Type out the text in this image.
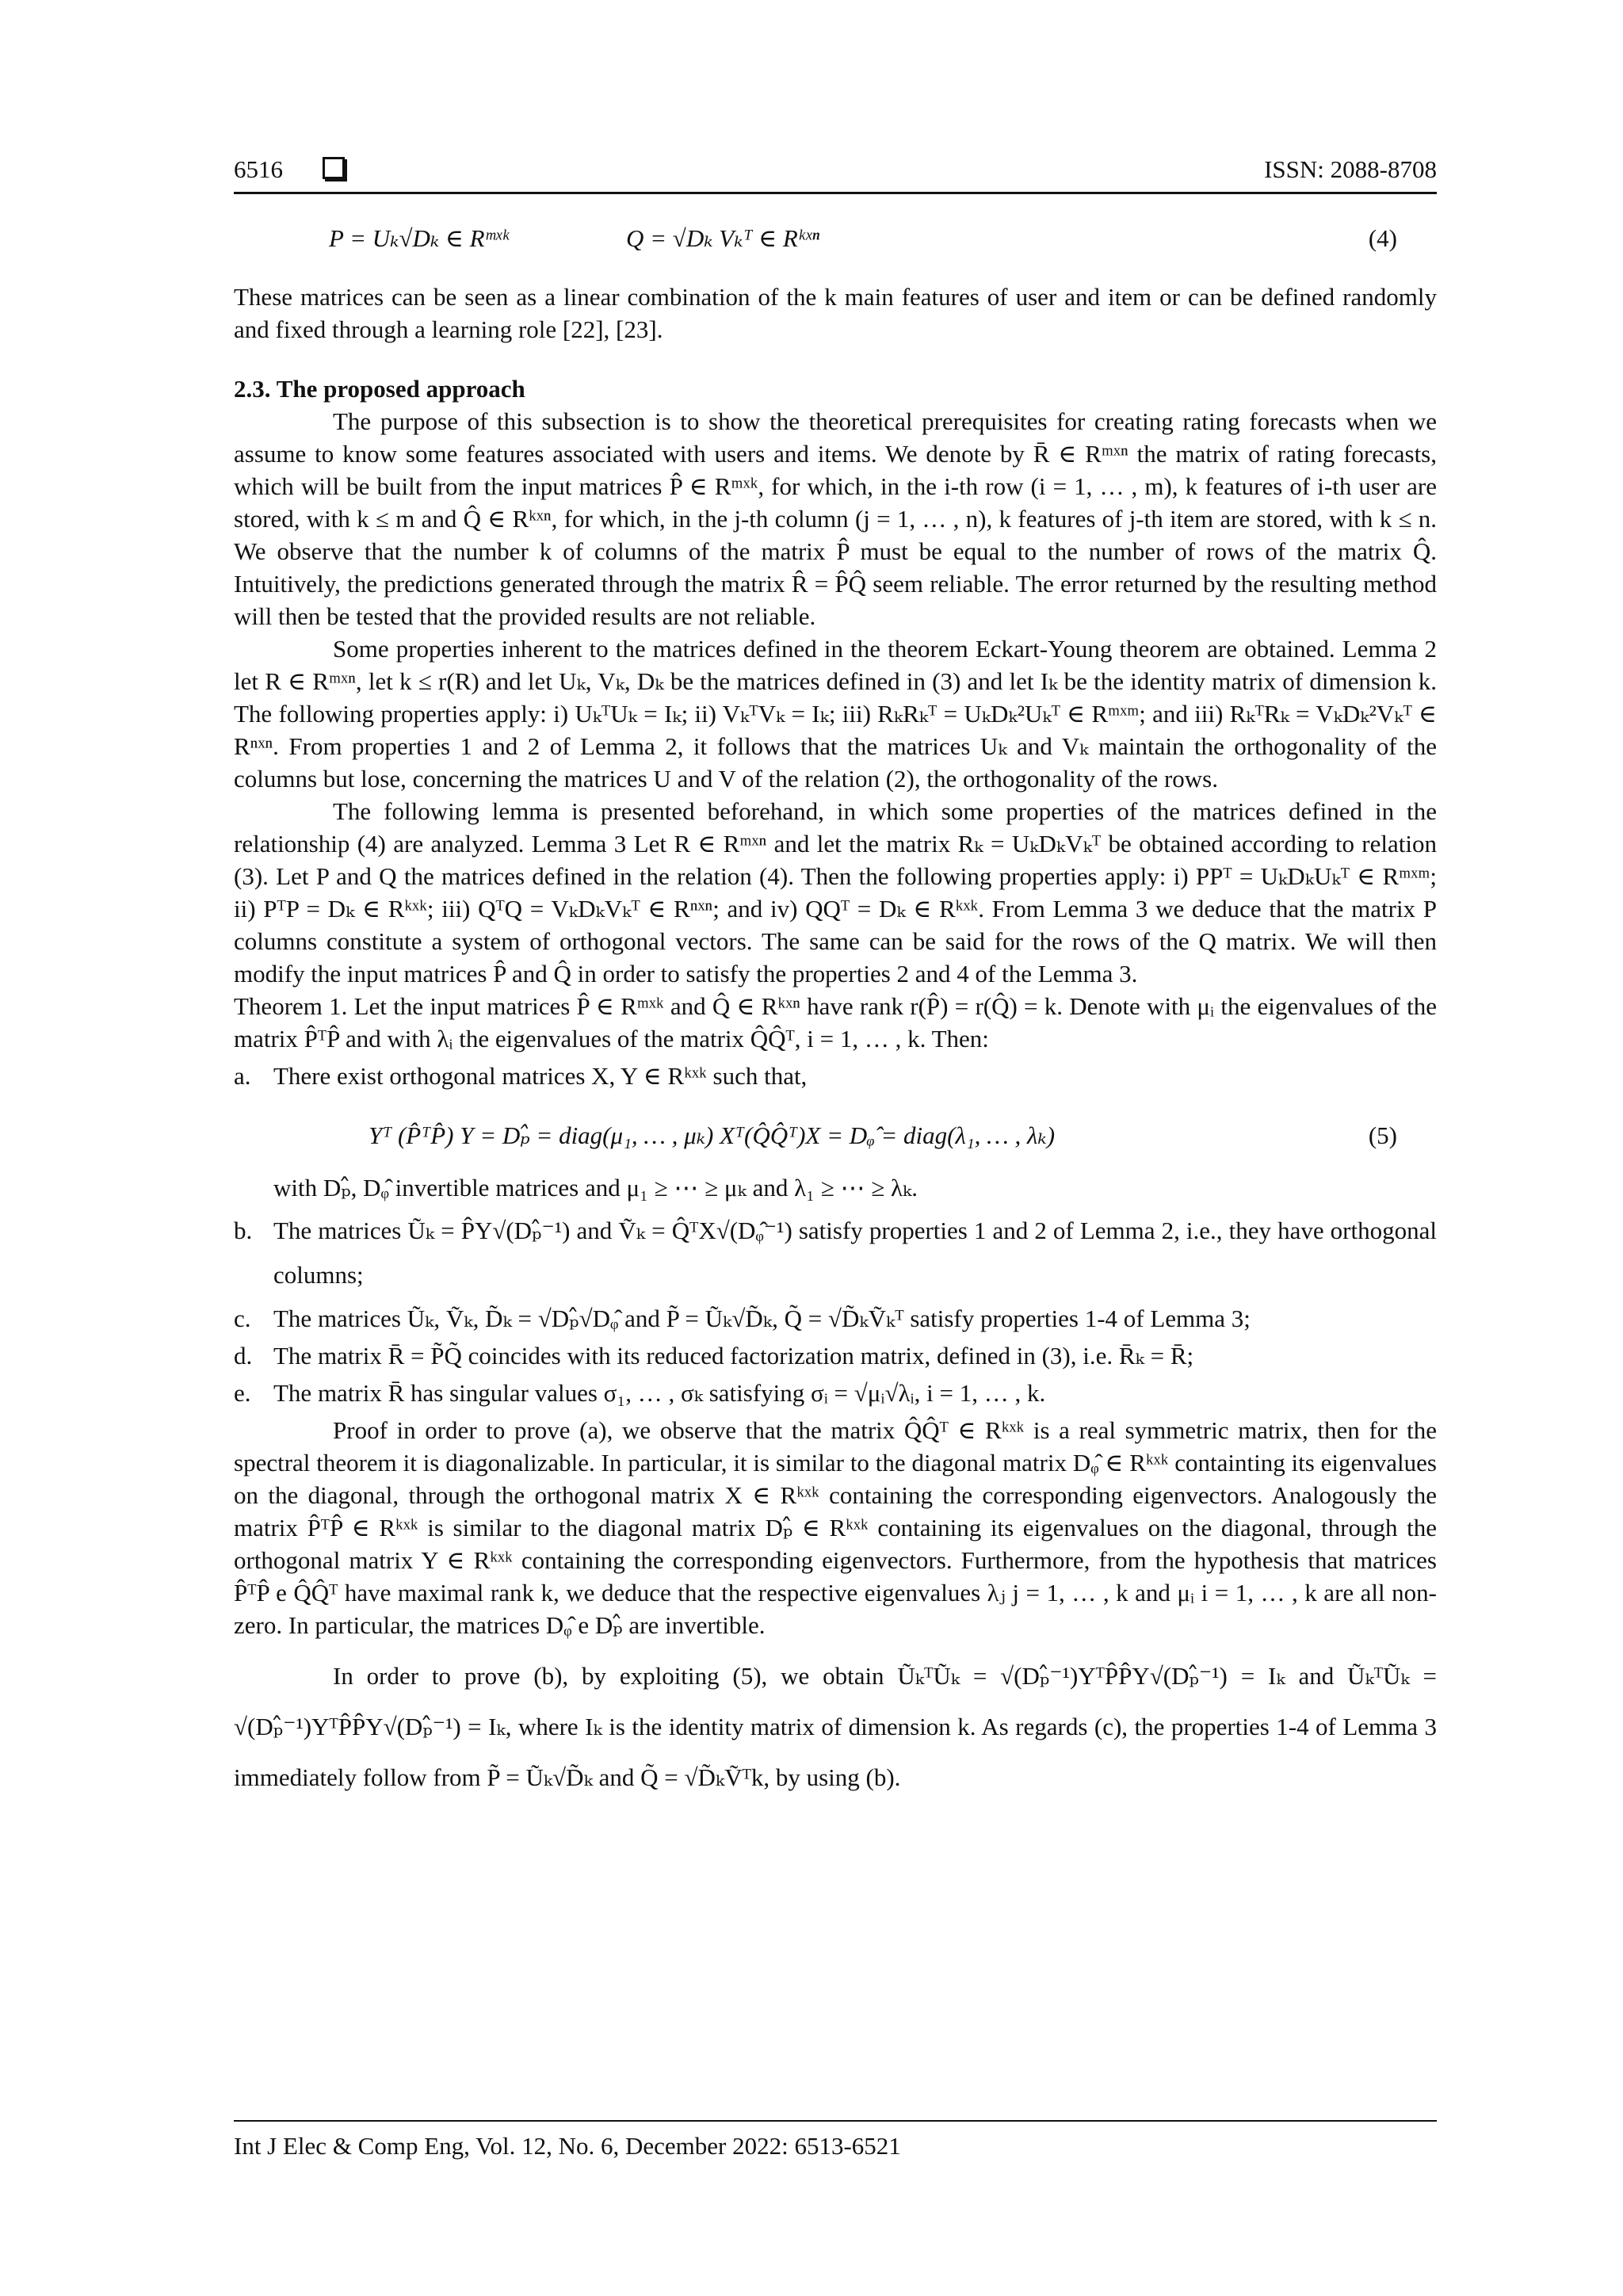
6516	ISSN: 2088-8708
P = Uₖ√Dₖ ∈ Rᵐˣᵏ	Q = √Dₖ Vₖᵀ ∈ Rᵏˣⁿ	(4)

These matrices can be seen as a linear combination of the k main features of user and item or can be defined randomly and fixed through a learning role [22], [23].

2.3. The proposed approach

The purpose of this subsection is to show the theoretical prerequisites for creating rating forecasts when we assume to know some features associated with users and items. We denote by R̄ ∈ Rᵐˣⁿ the matrix of rating forecasts, which will be built from the input matrices P̂ ∈ Rᵐˣᵏ, for which, in the i-th row (i = 1, … , m), k features of i-th user are stored, with k ≤ m and Q̂ ∈ Rᵏˣⁿ, for which, in the j-th column (j = 1, … , n), k features of j-th item are stored, with k ≤ n. We observe that the number k of columns of the matrix P̂ must be equal to the number of rows of the matrix Q̂. Intuitively, the predictions generated through the matrix R̂ = P̂Q̂ seem reliable. The error returned by the resulting method will then be tested that the provided results are not reliable.

Some properties inherent to the matrices defined in the theorem Eckart-Young theorem are obtained. Lemma 2 let R ∈ Rᵐˣⁿ, let k ≤ r(R) and let Uₖ, Vₖ, Dₖ be the matrices defined in (3) and let Iₖ be the identity matrix of dimension k. The following properties apply: i) UₖᵀUₖ = Iₖ; ii) VₖᵀVₖ = Iₖ; iii) RₖRₖᵀ = UₖDₖ²Uₖᵀ ∈ Rᵐˣᵐ; and iii) RₖᵀRₖ = VₖDₖ²Vₖᵀ ∈ Rⁿˣⁿ. From properties 1 and 2 of Lemma 2, it follows that the matrices Uₖ and Vₖ maintain the orthogonality of the columns but lose, concerning the matrices U and V of the relation (2), the orthogonality of the rows.

The following lemma is presented beforehand, in which some properties of the matrices defined in the relationship (4) are analyzed. Lemma 3 Let R ∈ Rᵐˣⁿ and let the matrix Rₖ = UₖDₖVₖᵀ be obtained according to relation (3). Let P and Q the matrices defined in the relation (4). Then the following properties apply: i) PPᵀ = UₖDₖUₖᵀ ∈ Rᵐˣᵐ; ii) PᵀP = Dₖ ∈ Rᵏˣᵏ; iii) QᵀQ = VₖDₖVₖᵀ ∈ Rⁿˣⁿ; and iv) QQᵀ = Dₖ ∈ Rᵏˣᵏ. From Lemma 3 we deduce that the matrix P columns constitute a system of orthogonal vectors. The same can be said for the rows of the Q matrix. We will then modify the input matrices P̂ and Q̂ in order to satisfy the properties 2 and 4 of the Lemma 3.

Theorem 1. Let the input matrices P̂ ∈ Rᵐˣᵏ and Q̂ ∈ Rᵏˣⁿ have rank r(P̂) = r(Q̂) = k. Denote with μᵢ the eigenvalues of the matrix P̂ᵀP̂ and with λᵢ the eigenvalues of the matrix Q̂Q̂ᵀ, i = 1, … , k. Then:

a. There exist orthogonal matrices X, Y ∈ Rᵏˣᵏ such that,
Yᵀ (P̂ᵀP̂) Y = Dₚ̂ = diag(μ₁, … , μₖ) Xᵀ(Q̂Q̂ᵀ)X = Dᵩ̂ = diag(λ₁, … , λₖ)	(5)
with Dₚ̂, Dᵩ̂ invertible matrices and μ₁ ≥ ⋯ ≥ μₖ and λ₁ ≥ ⋯ ≥ λₖ.
b. The matrices Ũₖ = P̂Y√(Dₚ̂⁻¹) and Ṽₖ = Q̂ᵀX√(Dᵩ̂⁻¹) satisfy properties 1 and 2 of Lemma 2, i.e., they have orthogonal columns;
c. The matrices Ũₖ, Ṽₖ, D̃ₖ = √Dₚ̂√Dᵩ̂ and P̃ = Ũₖ√D̃ₖ, Q̃ = √D̃ₖṼₖᵀ satisfy properties 1-4 of Lemma 3;
d. The matrix R̄ = P̃Q̃ coincides with its reduced factorization matrix, defined in (3), i.e. R̄ₖ = R̄;
e. The matrix R̄ has singular values σ₁, … , σₖ satisfying σᵢ = √μᵢ√λᵢ, i = 1, … , k.

Proof in order to prove (a), we observe that the matrix Q̂Q̂ᵀ ∈ Rᵏˣᵏ is a real symmetric matrix, then for the spectral theorem it is diagonalizable. In particular, it is similar to the diagonal matrix Dᵩ̂ ∈ Rᵏˣᵏ containting its eigenvalues on the diagonal, through the orthogonal matrix X ∈ Rᵏˣᵏ containing the corresponding eigenvectors. Analogously the matrix P̂ᵀP̂ ∈ Rᵏˣᵏ is similar to the diagonal matrix Dₚ̂ ∈ Rᵏˣᵏ containing its eigenvalues on the diagonal, through the orthogonal matrix Y ∈ Rᵏˣᵏ containing the corresponding eigenvectors. Furthermore, from the hypothesis that matrices P̂ᵀP̂ e Q̂Q̂ᵀ have maximal rank k, we deduce that the respective eigenvalues λⱼ j = 1, … , k and μᵢ i = 1, … , k are all non-zero. In particular, the matrices Dᵩ̂ e Dₚ̂ are invertible.

In order to prove (b), by exploiting (5), we obtain ŨₖᵀŨₖ = √(Dₚ̂⁻¹)YᵀP̂P̂Y√(Dₚ̂⁻¹) = Iₖ and ŨₖᵀŨₖ = √(Dₚ̂⁻¹)YᵀP̂P̂Y√(Dₚ̂⁻¹) = Iₖ, where Iₖ is the identity matrix of dimension k. As regards (c), the properties 1-4 of Lemma 3 immediately follow from P̃ = Ũₖ√D̃ₖ and Q̃ = √D̃ₖṼᵀk, by using (b).

Int J Elec & Comp Eng, Vol. 12, No. 6, December 2022: 6513-6521
